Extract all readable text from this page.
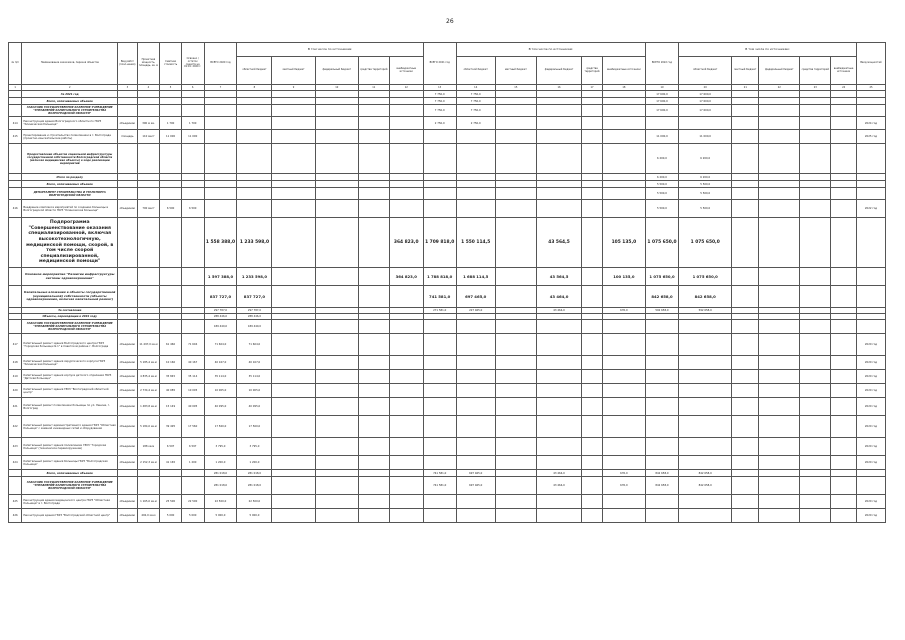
26
№ п/п	Наименование заказчиков, перечня объектов	Вид работ (поэл-нения)	Проектная мощность, площадь, кв. м	Сметная стоимость	Освоено / остаток средств на 01.01. 2020 г.	ВСЕГО 2020 год	В том числе по источникам:					ВСЕГО 2021 год	В том числе по источникам:					ВСЕГО 2022 год	В том числе по источникам:					Ввод мощностей
							областной бюджет	местный бюджет	федеральный бюджет	средства территорий	внебюджетные источники		областной бюджет	местный бюджет	федеральный бюджет	средства территорий	внебюджетные источники		областной бюджет	местный бюджет	федеральный бюджет	средства территорий	внебюджетные источники	
1	2	3	4	5	6	7	8	9	10	11	12	13	14	15	16	17	18	19	20	21	22	23	24	25
	За 2021 год											7 750,0	7 750,0					17 600,0	17 600,0					
	Всего, оплачиваемых объемов											7 750,0	7 750,0					17 600,0	17 600,0					
	ЗАКАЗЧИК ГОСУДАРСТВЕННОЕ КАЗЕННОЕ УЧРЕЖДЕНИЕ "УПРАВЛЕНИЕ КАПИТАЛЬНОГО СТРОИТЕЛЬСТВА ВОЛГОГРАДСКОЙ ОБЛАСТИ"											7 750,0	7 750,0					17 600,0	17 600,0					
414	Реконструкция здания Волгоградского областного ГБУЗ "Клиническая больница"	объединяю	300 м кв.	1 700	1 700							2 750,0	2 750,0											2024 год
415	Проектирование и строительство поликлиники в г. Волгограде (проектно-изыскательские работы)	площадь	110 мест	11 000	11 000													11 000,0	11 000,0					2025 год
	Предоставление объектов социальной инфраструктуры государственной собственности Волгоградской области (включая медицинские объекты) в ходе реализации мероприятий																	6 200,0	6 200,0					
	Итого по разделу																	6 200,0	6 200,0					
	Всего, оплачиваемых объемов																	5 500,0	5 500,0					
	ДЕПАРТАМЕНТ СТРОИТЕЛЬСТВА И ТРАНСПОРТА ВОЛГОГРАДСКОЙ ОБЛАСТИ																	5 500,0	5 500,0					
416	Внедрение комплекса мероприятий по созданию больницы в Волгоградской области ГБУЗ "Клиническая больница"	объединяю	700 мест	6 500	6 500													5 500,0	5 500,0					2022 год
	Подпрограмма "Совершенствование оказания специализированной, включая высокотехнологичную, медицинской помощи, скорой, в том числе скорой специализированной, медицинской помощи"					1 558 388,0	1 233 598,0				364 823,0	1 709 818,0	1 550 114,5		43 564,5		105 135,0	1 075 650,0	1 075 650,0					
	Основное мероприятие "Развитие инфраструктуры системы здравоохранения"					1 597 388,0	1 233 598,0				364 823,0	1 788 818,0	1 688 114,5		43 564,5		100 135,0	1 075 650,0	1 075 650,0					
	Капитальные вложения в объекты государственной (муниципальной) собственности (объекты здравоохранения, включая капитальный ремонт)					837 727,0	837 727,0					741 581,0	697 465,0		43 464,0			842 658,0	842 658,0					
	За составление					297 787,0	297 787,0					271 581,0	227 465,0		43 464,0		635,0	592 658,0	592 658,0					
	Объекты, переходящие в 2019 году					288 446,0	288 446,0																	
	ЗАКАЗЧИК ГОСУДАРСТВЕННОЕ КАЗЕННОЕ УЧРЕЖДЕНИЕ "УПРАВЛЕНИЕ КАПИТАЛЬНОГО СТРОИТЕЛЬСТВА ВОЛГОГРАДСКОЙ ОБЛАСТИ"					189 440,0	189 440,0																	
417	Капитальный ремонт здания Волгоградского центра ГБУЗ "Городская больница № 1" в Советском районе г. Волгограда	объединяю	11 497,0 кв.м	61 460	71 604	71 604,0	71 604,0																	2020 год
418	Капитальный ремонт здания хирургического корпуса ГБУЗ "Клиническая больница"	объединяю	5 185,4 кв.м	10 160	40 167	40 167,0	40 167,0																	2020 год
419	Капитальный ремонт здания корпуса детского отделения ГБУЗ "Детская больница"	объединяю	4 835,4 кв.м	35 845	35 114	35 114,0	35 114,0																	2020 год
420	Капитальный ремонт здания ГБУЗ "Волгоградский областной центр"	объединяю	2 734,4 кв.м	40 085	10 005	10 005,0	10 005,0																	2020 год
421	Капитальный ремонт поликлиники больницы по ул. Ленина, г. Волгоград	объединяю	1 483,8 кв.м	15 149	40 095	40 095,0	40 095,0																	2020 год
422	Капитальный ремонт административного здания ГБУЗ "Областная больница" с заменой инженерных сетей и оборудования	объединяю	5 184,0 кв.м	39 495	17 560	17 560,0	17 560,0																	2020 год
423	Капитальный ремонт здания поликлиники ГБУЗ "Городская больница" (техническое перевооружение)	объединяю	188 кв.м	6 597	6 597	3 795,0	3 795,0																	2020 год
424	Капитальный ремонт здания больницы ГБУЗ "Волгоградская больница"	объединяю	2 152,3 кв.м	41 165	1 200	1 200,0	1 200,0																	2020 год
	Всего, оплачиваемых объемов					281 018,0	281 018,0					741 581,0	697 465,0		43 464,0		635,0	842 658,0	842 658,0					
	ЗАКАЗЧИК ГОСУДАРСТВЕННОЕ КАЗЕННОЕ УЧРЕЖДЕНИЕ "УПРАВЛЕНИЕ КАПИТАЛЬНОГО СТРОИТЕЛЬСТВА ВОЛГОГРАДСКОЙ ОБЛАСТИ"					281 018,0	281 018,0					741 581,0	697 465,0		43 464,0		635,0	842 658,0	842 658,0					
425	Реконструкция здания медицинского центра ГБУЗ "Областная больница" в г. Волгограде	объединяю	1 165,0 кв.м	25 500	22 500	22 500,0	22 500,0																	2020 год
426	Реконструкция здания ГБУЗ "Волгоградский областной центр"	объединяю	492,0 кв.м	5 000	5 000	5 000,0	5 000,0																	2020 год
